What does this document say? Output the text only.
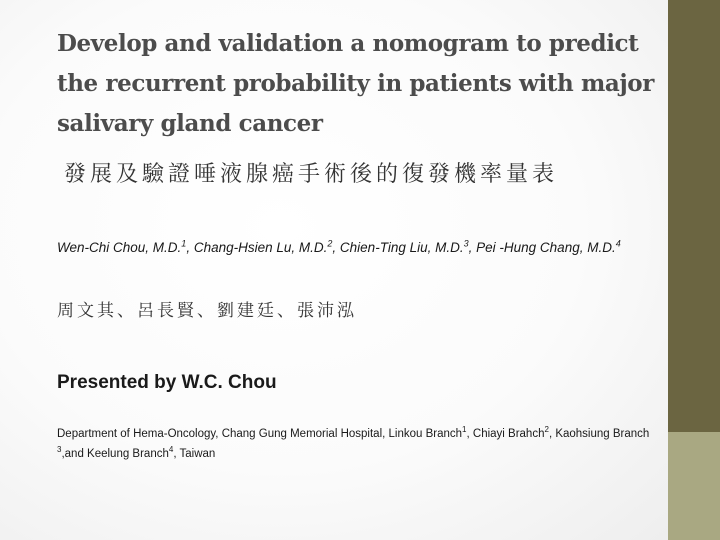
Develop and validation a nomogram to predict the recurrent probability in patients with major salivary gland cancer
發展及驗證唾液腺癌手術後的復發機率量表
Wen-Chi Chou, M.D.$^1$, Chang-Hsien Lu, M.D.$^2$, Chien-Ting Liu, M.D.$^3$, Pei -Hung Chang, M.D.$^4$
周文其、呂長賢、劉建廷、張沛泓
Presented by W.C. Chou
Department of Hema-Oncology, Chang Gung Memorial Hospital, Linkou Branch$^1$, Chiayi Brahch$^2$, Kaohsiung Branch $^3$,and Keelung Branch$^4$, Taiwan
